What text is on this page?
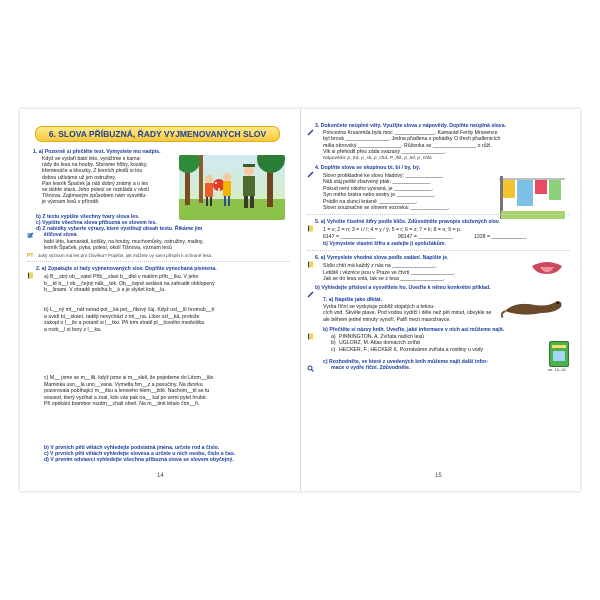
6. SLOVA PŘÍBUZNÁ, ŘADY VYJMENOVANÝCH SLOV
1. a) Pozorně si přečtěte text. Vymyslete mu nadpis.
Když se vydaří babí léto, vyrážíme s kama-
rády do lesa na houby. Sbíráme hřiby, kozáky,
křemenáče a klouzky. Z lesních plodů si tou
dobou užíváme už jen ostružiny.
Pan lesník Špaček ja náš dobrý známý a o les
se dobře stará. Jeho polesí se rozkládá v okolí
Tišnova. Zajímavým způsobem nám vysvětlu-
je význam lesů v přírodě.
b) Z textu vypište všechny tvary slova les.
c) Vypište všechna slova příbuzná se slovem les.
d) Z nabídky vyberte výrazy, které vystihují obsah textu. Říkáme jim
klíčová slova.
babí léto, kamarádi, košíky, na houby, muchomůrky, ostružiny, maliny,
lesník Špaček, pyka, polesí, okolí Tišnova, význam lesů
PT Jaký význam má les pro člověka? Popište, jak můžete vy sami přispět k ochraně lesa.
2. a) Zopakujte si řady vyjmenovaných slov. Doplňte vynechaná písmena.
a) B__strý ob__vatel Přib__slavi b__dlel v malém příb__tku. V jeho
b__tě b__l ob__čejný náb__tek. Ob__čejně sedává na zahradě obklopený
b__linami. V ohradě pobíhá b__k a je slyšet kob__lu.
b) L__ný ml__nář nerad pol__ká pel__ňkový čaj. Když usl__ší hromob__tí
a uvidí bl__skání, raději nevychází z ml__na. Libor vzl__ká, protože
zakopl o l__že a poranil si l__tko. Při tom ztratil pl__šového medvídka
a rozb__l si bory z l__ka.
c) M__ jsme se m__lili, když jsme si m__sleli, že pojedeme do Litom__šle.
Maminka usn__la uno__vaná. Vymetla hm__z a pavučiny. Na dvorku
pozorovala pobíhající m__šku a leniveho hlem__ždě. Nachom__til se tu
soused, který vyzíhal a zval, kdo vás pak na__ kal po zemi pytel hrubé.
Při opékání brambor rozdm__chali oheň. Na m__tině létalo čím__ři.
b) V prvních pěti větách vyhledejte podstatná jména, určete rod a číslo.
c) V prvních pěti větách vyhledejte slovesa a určete u nich osobu, číslo a čas.
d) V prvním odstavci vyhledejte všechna příbuzná slova se slovem obyčejný.
14
3. Dokončete neúplné věty. Využijte slova z nápovědy. Doplňte neúplná slova.
Princezna Krasomila byla moc ______________. Kamarád Ferdy Mravence
byl brouk _______________. Jedna přadlena z pohádky O třech přadlenicích
měla obrovský _______________. Růženka se _______________ o růži.
Vlk si přehodil přes záda svázaný _______________.
Nápověda: p_trá, p_sk, p_chá, P_tlík, p_tel, p_chla
4. Doplňte slova se skupinou bi, bí / by, bý.
Slovo protikladné ke slovu hladový: _____________
Náš stáj peště zbarvený pták: _____________
Pokud není nikoho vyvraná, je _____________.
Syn mého bratra nebo sestry je _____________.
Prádlo na slunci krásně _____________.
Slovo souznačné se slovem vozovka: _____________.
5. a) Vyřešte číselné šifry podle klíče. Zdůvodněte pravopis složených slov.
1 = v; 2 = n; 3 = i / í; 4 = y / ý; 5 = r; 6 = z; 7 = k; 8 = o; 9 = p.
6147 = ____________	98147 = ____________	1328 = ____________
b) Vymyslete vlastní šifru a zadejte ji spolužákům.
6. a) Vymyslete vhodná slova podle zadání. Napište je.
Sídlo chtít má každý z nás na _______________.
Letiště i věznice jsou v Praze ve čtvrti _______________.
Jak se do lesa volá, tak se z lesa _______________.
b) Vyhledejte přísloví a vysvětlete ho. Uveďte k němu konkrétní příklad.
7. a) Napište jako diktát.
Vydra říční se vyskytuje poblíž stojatých a tekou-
cích vod. Skvěle plave. Pod vodou vydrží i déle než pět minut, obvykle se
ale během jedné minuty vynoří. Patří mezi masožravce.
b) Přečtěte si názvy knih. Uveďte, jaké informace v nich asi můžeme najít.
a) PINNINGTON, A. Zvířata našich lesů
b) UGLORZ, M. Atlas domácích zvířat
c) HECKER, F.; HECKER K. Poznáváme zvířata a rostliny u vody
c) Rozhodněte, ve které z uvedených knih můžeme najít další infor-
mace o vydře říční. Zdůvodněte.	str. 15–18
15
